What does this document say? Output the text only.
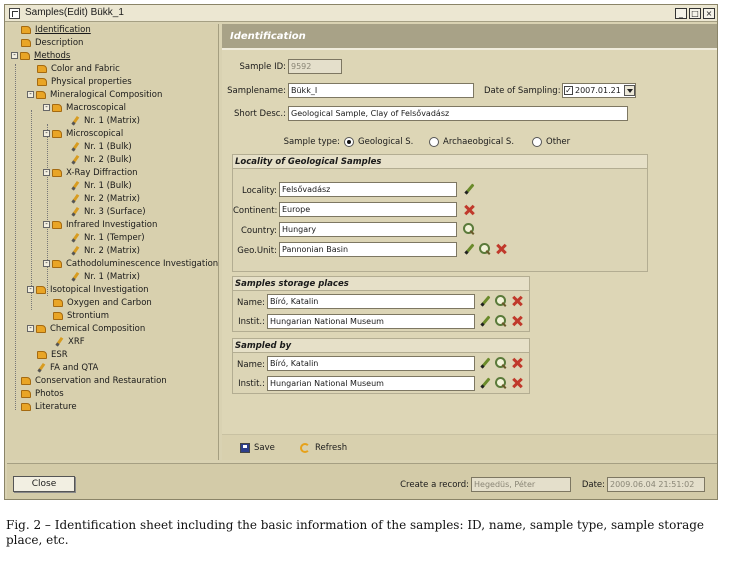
Samples(Edit) Bükk_1	_	□ ×
Identification
Description
- Methods
Color and Fabric
Physical properties
- Mineralogical Composition
- Macroscopical
Nr. 1 (Matrix)
- Microscopical
Nr. 1 (Bulk)
Nr. 2 (Bulk)
- X-Ray Diffraction
Nr. 1 (Bulk)
Nr. 2 (Matrix)
Nr. 3 (Surface)
- Infrared Investigation
Nr. 1 (Temper)
Nr. 2 (Matrix)
- Cathodoluminescence Investigation
Nr. 1 (Matrix)
- Isotopical Investigation
Oxygen and Carbon
Strontium
- Chemical Composition
XRF
ESR
FA and QTA
Conservation and Restauration
Photos
Literature
Identification
Sample ID: 9592
Samplename: Bükk_I	Date of Sampling:	2007.01.21
✓
Short Desc.: Geological Sample, Clay of Felsővadász
Sample type: Geological S.	Archaeobgical S.	Other
Locality of Geological Samples
Locality: Felsővadász
Continent: Europe
Country: Hungary
Geo.Unit: Pannonian Basin
Samples storage places
Name: Bíró, Katalin
Instit.: Hungarian National Museum
Sampled by
Name: Bíró, Katalin
Instit.: Hungarian National Museum
Save	Refresh
Close	Create a record: Hegedüs, Péter	Date: 2009.06.04 21:51:02
Fig. 2 – Identification sheet including the basic information of the samples: ID, name, sample type, sample storage place, etc.
